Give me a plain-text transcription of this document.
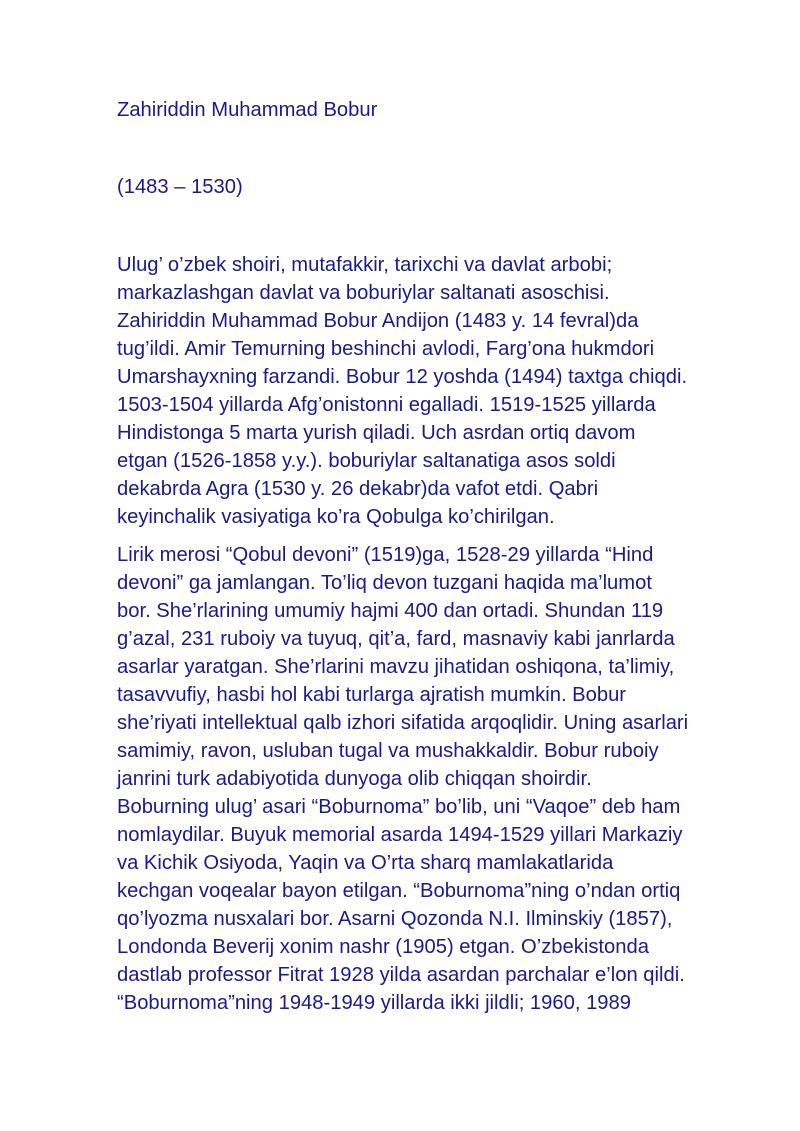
Zahiriddin Muhammad Bobur

(1483 – 1530)

Ulug’ o’zbek shoiri, mutafakkir, tarixchi va davlat arbobi;

markazlashgan davlat va boburiylar saltanati asoschisi.

Zahiriddin Muhammad Bobur Andijon (1483 y. 14 fevral)da

tug’ildi. Amir Temurning beshinchi avlodi, Farg’ona hukmdori

Umarshayxning farzandi. Bobur 12 yoshda (1494) taxtga chiqdi.

1503-1504 yillarda Afg’onistonni egalladi. 1519-1525 yillarda

Hindistonga 5 marta yurish qiladi. Uch asrdan ortiq davom

etgan (1526-1858 y.y.). boburiylar saltanatiga asos soldi

dekabrda Agra (1530 y. 26 dekabr)da vafot etdi. Qabri

keyinchalik vasiyatiga ko’ra Qobulga ko’chirilgan.

Lirik merosi “Qobul devoni” (1519)ga, 1528-29 yillarda “Hind

devoni” ga jamlangan. To’liq devon tuzgani haqida ma’lumot

bor. She’rlarining umumiy hajmi 400 dan ortadi. Shundan 119

g’azal, 231 ruboiy va tuyuq, qit’a, fard, masnaviy kabi janrlarda

asarlar yaratgan. She’rlarini mavzu jihatidan oshiqona, ta’limiy,

tasavvufiy, hasbi hol kabi turlarga ajratish mumkin. Bobur

she’riyati intellektual qalb izhori sifatida arqoqlidir. Uning asarlari

samimiy, ravon, usluban tugal va mushakkaldir. Bobur ruboiy

janrini turk adabiyotida dunyoga olib chiqqan shoirdir.

Boburning ulug’ asari “Boburnoma” bo’lib, uni “Vaqoe” deb ham

nomlaydilar. Buyuk memorial asarda 1494-1529 yillari Markaziy

va Kichik Osiyoda, Yaqin va O’rta sharq mamlakatlarida

kechgan voqealar bayon etilgan. “Boburnoma”ning o’ndan ortiq

qo’lyozma nusxalari bor. Asarni Qozonda N.I. Ilminskiy (1857),

Londonda Beverij xonim nashr (1905) etgan. O’zbekistonda

dastlab professor Fitrat 1928 yilda asardan parchalar e’lon qildi.

“Boburnoma”ning 1948-1949 yillarda ikki jildli; 1960, 1989
